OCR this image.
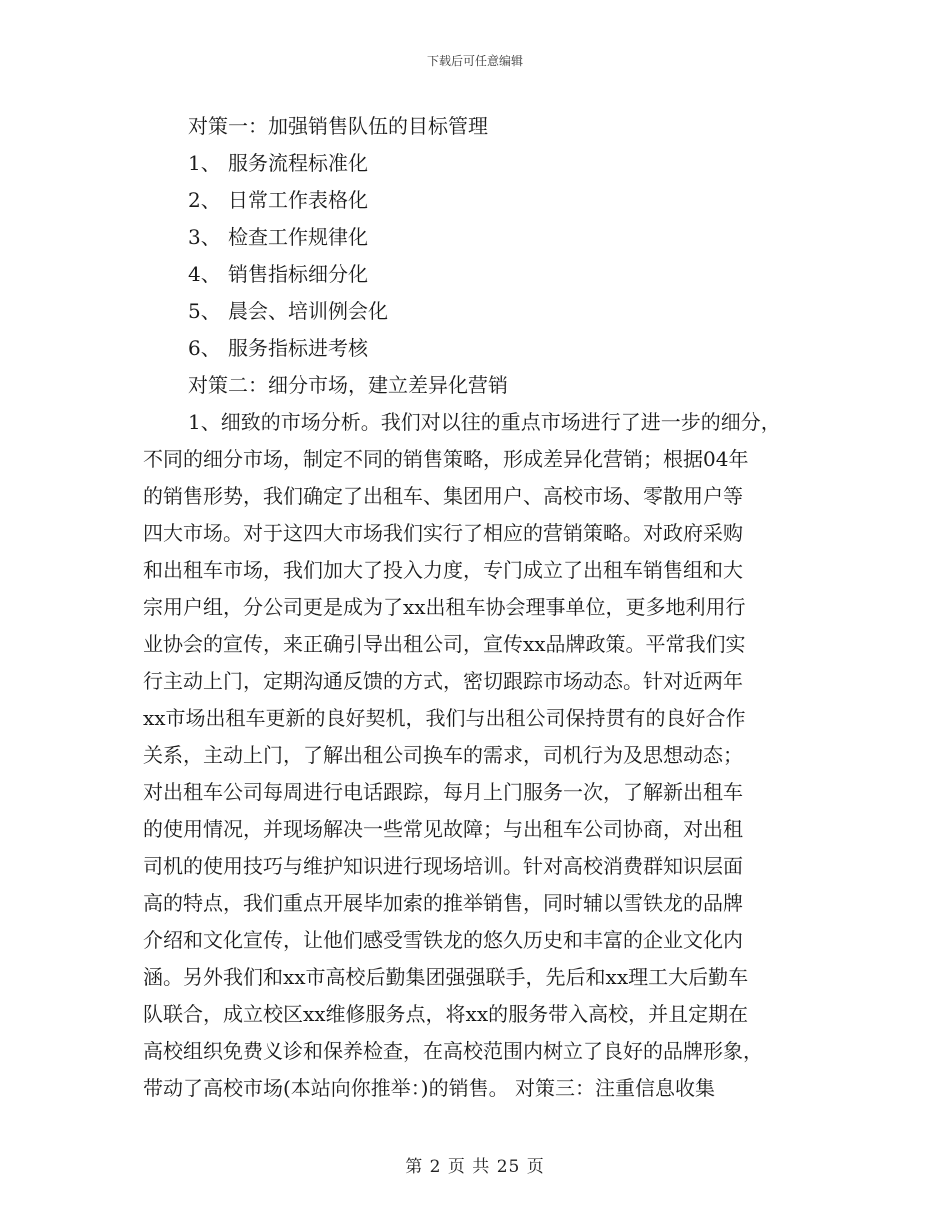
下载后可任意编辑
对策一：加强销售队伍的目标管理
1、 服务流程标准化
2、 日常工作表格化
3、 检查工作规律化
4、 销售指标细分化
5、 晨会、培训例会化
6、 服务指标进考核
对策二：细分市场，建立差异化营销
1、细致的市场分析。我们对以往的重点市场进行了进一步的细分，
不同的细分市场，制定不同的销售策略，形成差异化营销；根据04年
的销售形势，我们确定了出租车、集团用户、高校市场、零散用户等
四大市场。对于这四大市场我们实行了相应的营销策略。对政府采购
和出租车市场，我们加大了投入力度，专门成立了出租车销售组和大
宗用户组，分公司更是成为了xx出租车协会理事单位，更多地利用行
业协会的宣传，来正确引导出租公司，宣传xx品牌政策。平常我们实
行主动上门，定期沟通反馈的方式，密切跟踪市场动态。针对近两年
xx市场出租车更新的良好契机，我们与出租公司保持贯有的良好合作
关系，主动上门，了解出租公司换车的需求，司机行为及思想动态；
对出租车公司每周进行电话跟踪，每月上门服务一次，了解新出租车
的使用情况，并现场解决一些常见故障；与出租车公司协商，对出租
司机的使用技巧与维护知识进行现场培训。针对高校消费群知识层面
高的特点，我们重点开展毕加索的推举销售，同时辅以雪铁龙的品牌
介绍和文化宣传，让他们感受雪铁龙的悠久历史和丰富的企业文化内
涵。另外我们和xx市高校后勤集团强强联手，先后和xx理工大后勤车
队联合，成立校区xx维修服务点，将xx的服务带入高校，并且定期在
高校组织免费义诊和保养检查，在高校范围内树立了良好的品牌形象，
带动了高校市场(本站向你推举：)的销售。 对策三：注重信息收集
第 2 页 共 25 页
